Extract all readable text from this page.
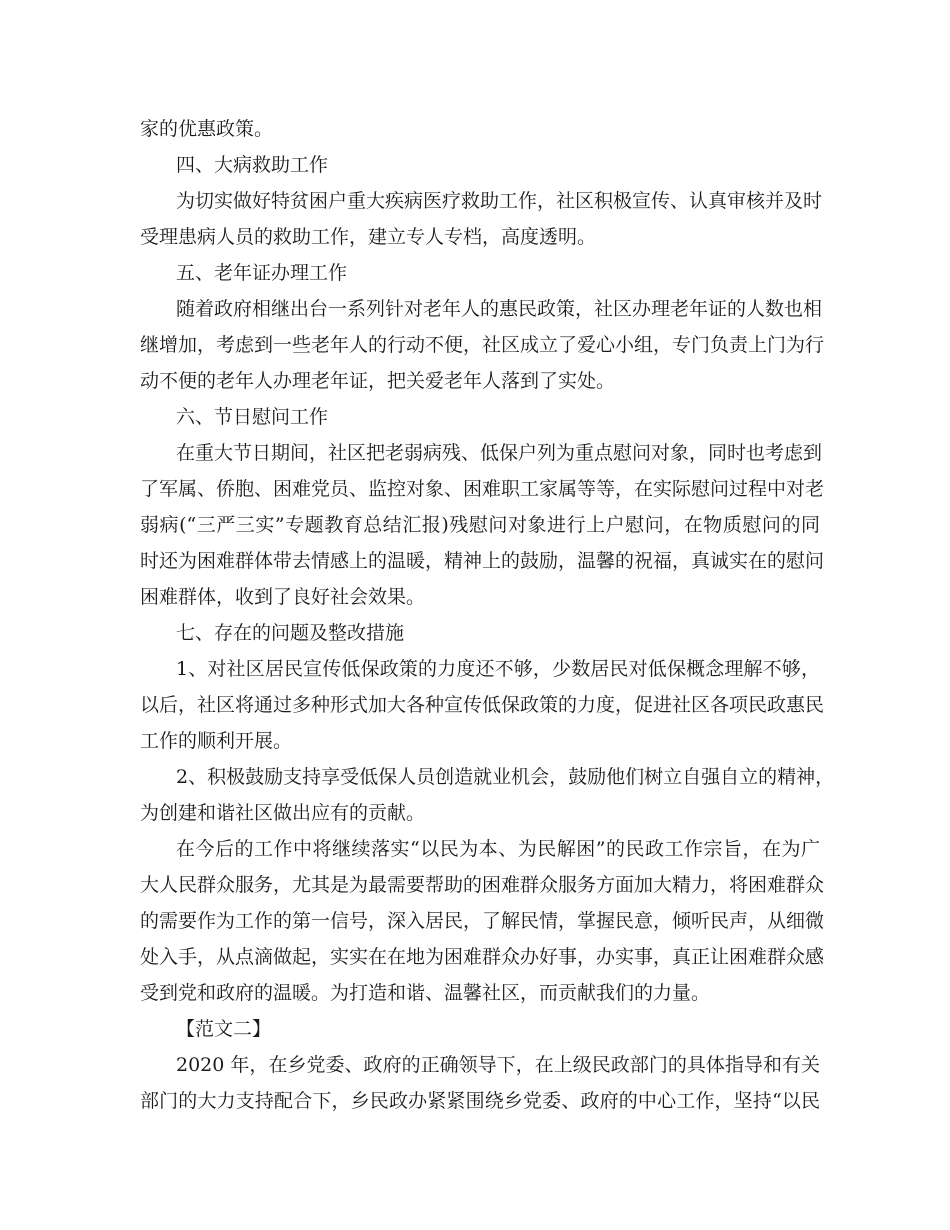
家的优惠政策。
四、大病救助工作
为切实做好特贫困户重大疾病医疗救助工作，社区积极宣传、认真审核并及时
受理患病人员的救助工作，建立专人专档，高度透明。
五、老年证办理工作
随着政府相继出台一系列针对老年人的惠民政策，社区办理老年证的人数也相
继增加，考虑到一些老年人的行动不便，社区成立了爱心小组，专门负责上门为行
动不便的老年人办理老年证，把关爱老年人落到了实处。
六、节日慰问工作
在重大节日期间，社区把老弱病残、低保户列为重点慰问对象，同时也考虑到
了军属、侨胞、困难党员、监控对象、困难职工家属等等，在实际慰问过程中对老
弱病(“三严三实”专题教育总结汇报)残慰问对象进行上户慰问，在物质慰问的同
时还为困难群体带去情感上的温暖，精神上的鼓励，温馨的祝福，真诚实在的慰问
困难群体，收到了良好社会效果。
七、存在的问题及整改措施
1、对社区居民宣传低保政策的力度还不够，少数居民对低保概念理解不够，
以后，社区将通过多种形式加大各种宣传低保政策的力度，促进社区各项民政惠民
工作的顺利开展。
2、积极鼓励支持享受低保人员创造就业机会，鼓励他们树立自强自立的精神，
为创建和谐社区做出应有的贡献。
在今后的工作中将继续落实“以民为本、为民解困”的民政工作宗旨，在为广
大人民群众服务，尤其是为最需要帮助的困难群众服务方面加大精力，将困难群众
的需要作为工作的第一信号，深入居民，了解民情，掌握民意，倾听民声，从细微
处入手，从点滴做起，实实在在地为困难群众办好事，办实事，真正让困难群众感
受到党和政府的温暖。为打造和谐、温馨社区，而贡献我们的力量。
【范文二】
2020 年，在乡党委、政府的正确领导下，在上级民政部门的具体指导和有关
部门的大力支持配合下，乡民政办紧紧围绕乡党委、政府的中心工作，坚持“以民
